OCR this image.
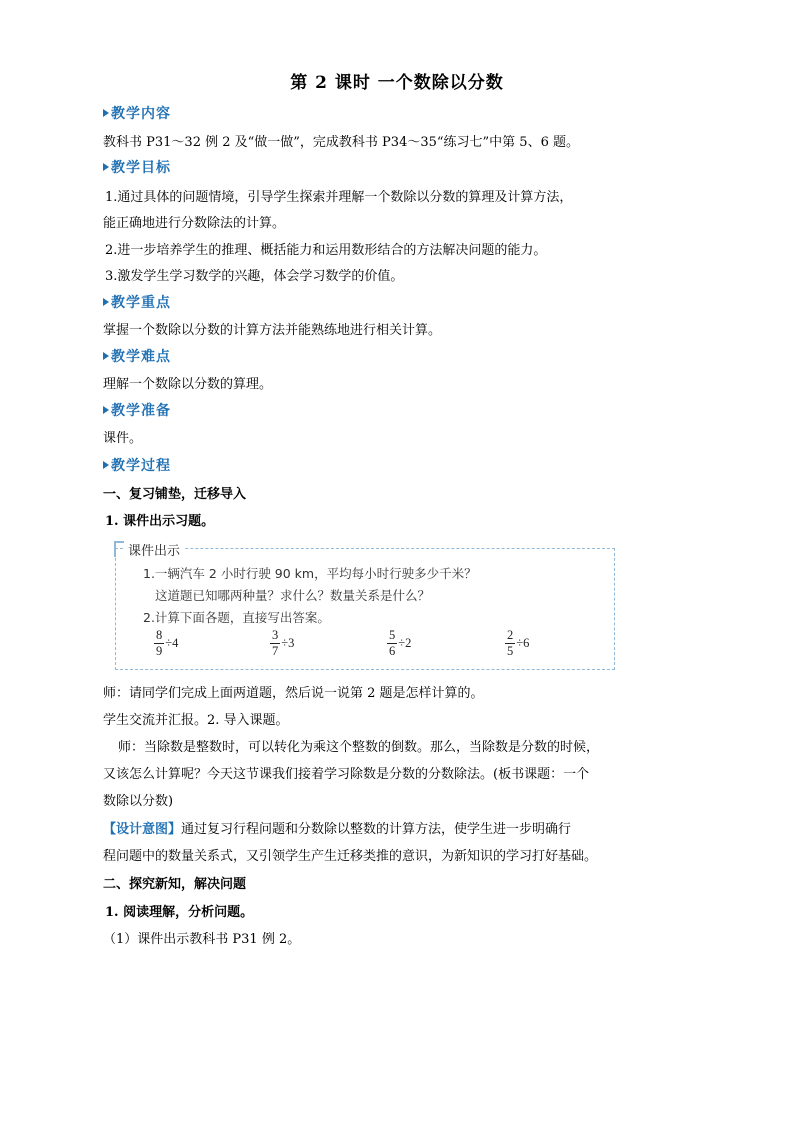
第 2 课时 一个数除以分数
教学内容
教科书 P31～32 例 2 及“做一做”，完成教科书 P34～35“练习七”中第 5、6 题。
教学目标
1.通过具体的问题情境，引导学生探索并理解一个数除以分数的算理及计算方法，
能正确地进行分数除法的计算。
2.进一步培养学生的推理、概括能力和运用数形结合的方法解决问题的能力。
3.激发学生学习数学的兴趣，体会学习数学的价值。
教学重点
掌握一个数除以分数的计算方法并能熟练地进行相关计算。
教学难点
理解一个数除以分数的算理。
教学准备
课件。
教学过程
一、复习铺垫，迁移导入
1. 课件出示习题。
课件出示
1.一辆汽车 2 小时行驶 90 km，平均每小时行驶多少千米？
这道题已知哪两种量？求什么？数量关系是什么？
2.计算下面各题，直接写出答案。
$\frac{8}{9} \div 4$	$\frac{3}{7} \div 3$	$\frac{5}{6} \div 2$	$\frac{2}{5} \div 6$
师：请同学们完成上面两道题，然后说一说第 2 题是怎样计算的。
学生交流并汇报。2. 导入课题。
师：当除数是整数时，可以转化为乘这个整数的倒数。那么，当除数是分数的时候，
又该怎么计算呢？今天这节课我们接着学习除数是分数的分数除法。(板书课题：一个
数除以分数)
【设计意图】通过复习行程问题和分数除以整数的计算方法，使学生进一步明确行
程问题中的数量关系式，又引领学生产生迁移类推的意识，为新知识的学习打好基础。
二、探究新知，解决问题
1. 阅读理解，分析问题。
（1）课件出示教科书 P31 例 2。
